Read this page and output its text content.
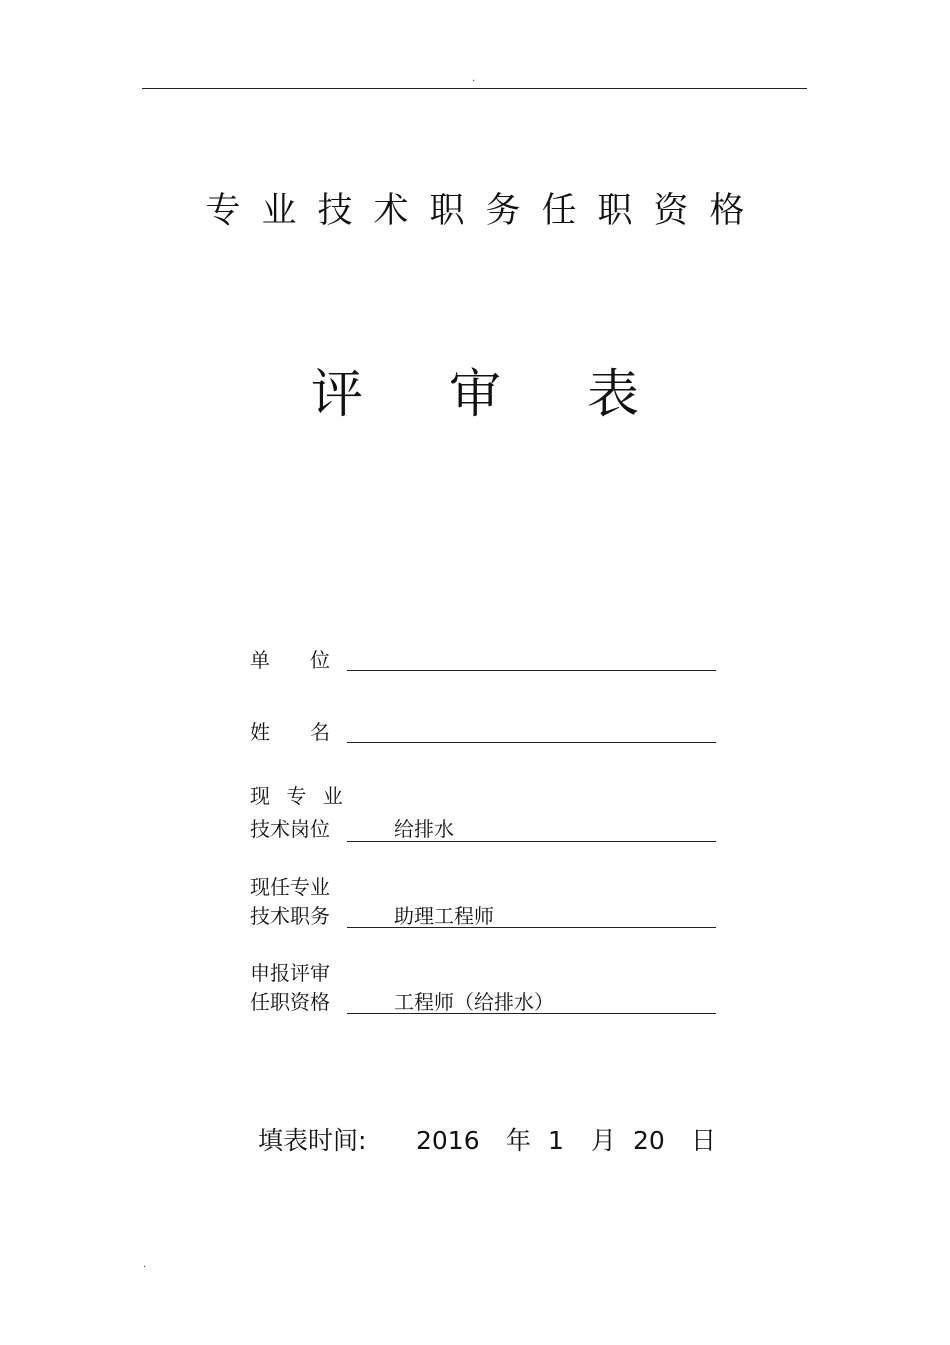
.
专业技术职务任职资格
评审表
单　　位
姓　　名
现 专 业
技术岗位	给排水
现任专业
技术职务	助理工程师
申报评审
任职资格	工程师（给排水）
填表时间: 2016 年 1 月 20 日
.
